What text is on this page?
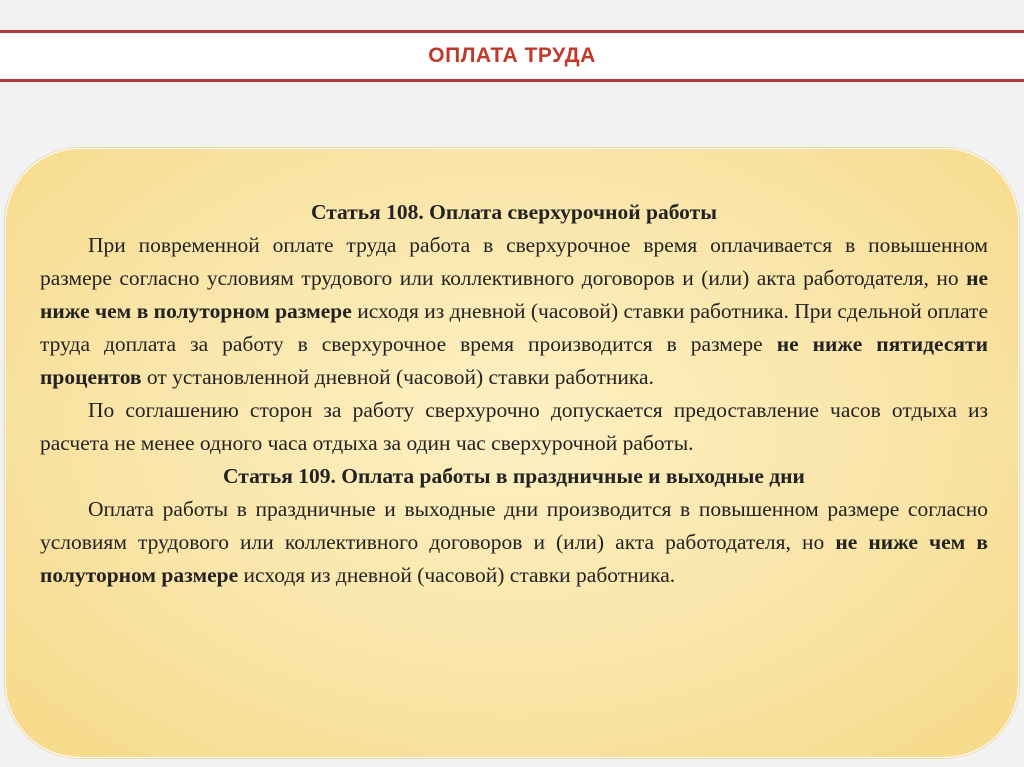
ОПЛАТА ТРУДА

Статья 108. Оплата сверхурочной работы

При повременной оплате труда работа в сверхурочное время оплачивается в повышенном размере согласно условиям трудового или коллективного договоров и (или) акта работодателя, но не ниже чем в полуторном размере исходя из дневной (часовой) ставки работника. При сдельной оплате труда доплата за работу в сверхурочное время производится в размере не ниже пятидесяти процентов от установленной дневной (часовой) ставки работника.

По соглашению сторон за работу сверхурочно допускается предоставление часов отдыха из расчета не менее одного часа отдыха за один час сверхурочной работы.

Статья 109. Оплата работы в праздничные и выходные дни

Оплата работы в праздничные и выходные дни производится в повышенном размере согласно условиям трудового или коллективного договоров и (или) акта работодателя, но не ниже чем в полуторном размере исходя из дневной (часовой) ставки работника.
